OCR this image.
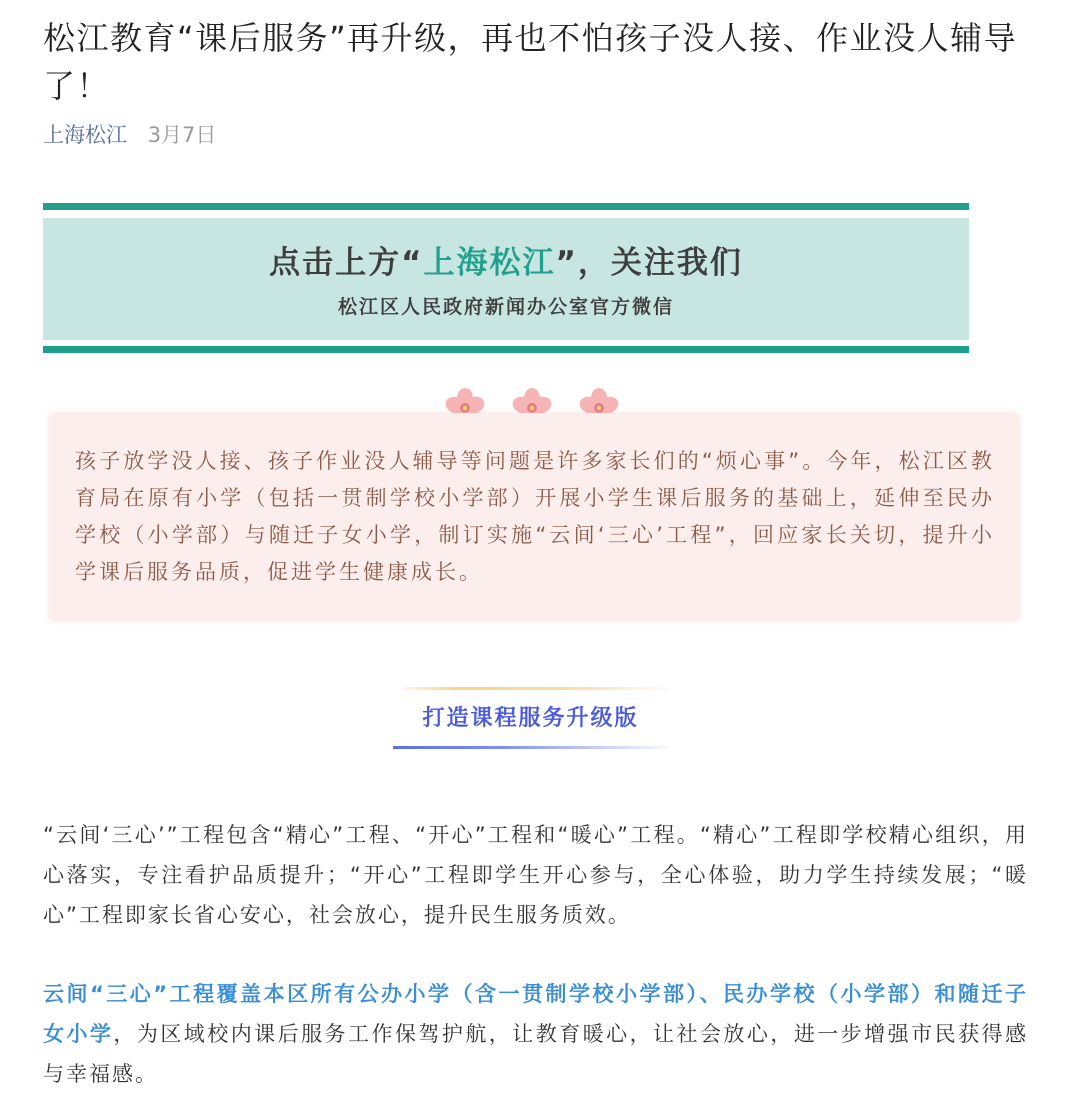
松江教育“课后服务”再升级，再也不怕孩子没人接、作业没人辅导了！
上海松江 3月7日
点击上方“上海松江”，关注我们
松江区人民政府新闻办公室官方微信

孩子放学没人接、孩子作业没人辅导等问题是许多家长们的“烦心事”。今年，松江区教育局在原有小学（包括一贯制学校小学部）开展小学生课后服务的基础上，延伸至民办学校（小学部）与随迁子女小学，制订实施“云间‘三心’工程”，回应家长关切，提升小学课后服务品质，促进学生健康成长。

打造课程服务升级版

“云间‘三心’”工程包含“精心”工程、“开心”工程和“暖心”工程。“精心”工程即学校精心组织，用心落实，专注看护品质提升；“开心”工程即学生开心参与，全心体验，助力学生持续发展；“暖心”工程即家长省心安心，社会放心，提升民生服务质效。

云间“三心”工程覆盖本区所有公办小学（含一贯制学校小学部）、民办学校（小学部）和随迁子女小学，为区域校内课后服务工作保驾护航，让教育暖心，让社会放心，进一步增强市民获得感与幸福感。
